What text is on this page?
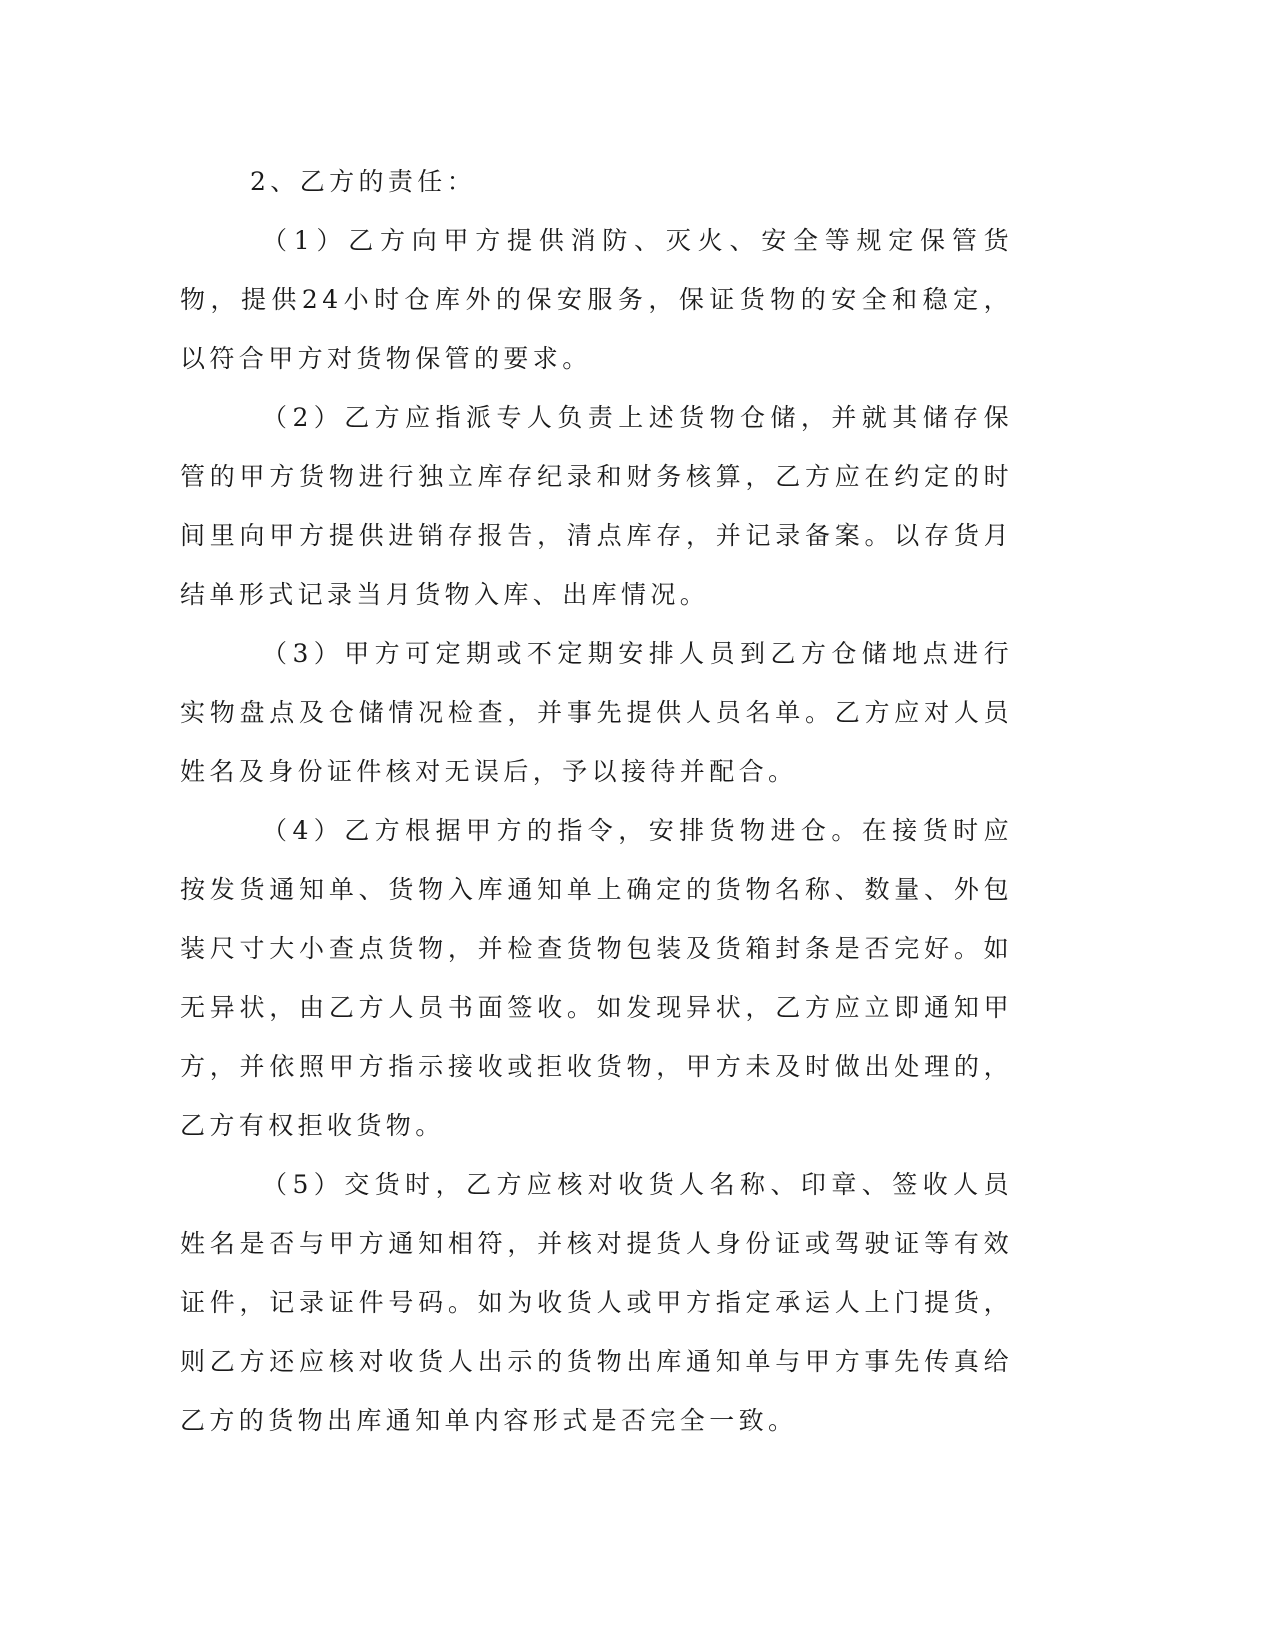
2、乙方的责任：

（1）乙方向甲方提供消防、灭火、安全等规定保管货物，提供24小时仓库外的保安服务，保证货物的安全和稳定，以符合甲方对货物保管的要求。

（2）乙方应指派专人负责上述货物仓储，并就其储存保管的甲方货物进行独立库存纪录和财务核算，乙方应在约定的时间里向甲方提供进销存报告，清点库存，并记录备案。以存货月结单形式记录当月货物入库、出库情况。

（3）甲方可定期或不定期安排人员到乙方仓储地点进行实物盘点及仓储情况检查，并事先提供人员名单。乙方应对人员姓名及身份证件核对无误后，予以接待并配合。

（4）乙方根据甲方的指令，安排货物进仓。在接货时应按发货通知单、货物入库通知单上确定的货物名称、数量、外包装尺寸大小查点货物，并检查货物包装及货箱封条是否完好。如无异状，由乙方人员书面签收。如发现异状，乙方应立即通知甲方，并依照甲方指示接收或拒收货物，甲方未及时做出处理的，乙方有权拒收货物。

（5）交货时，乙方应核对收货人名称、印章、签收人员姓名是否与甲方通知相符，并核对提货人身份证或驾驶证等有效证件，记录证件号码。如为收货人或甲方指定承运人上门提货，则乙方还应核对收货人出示的货物出库通知单与甲方事先传真给乙方的货物出库通知单内容形式是否完全一致。
